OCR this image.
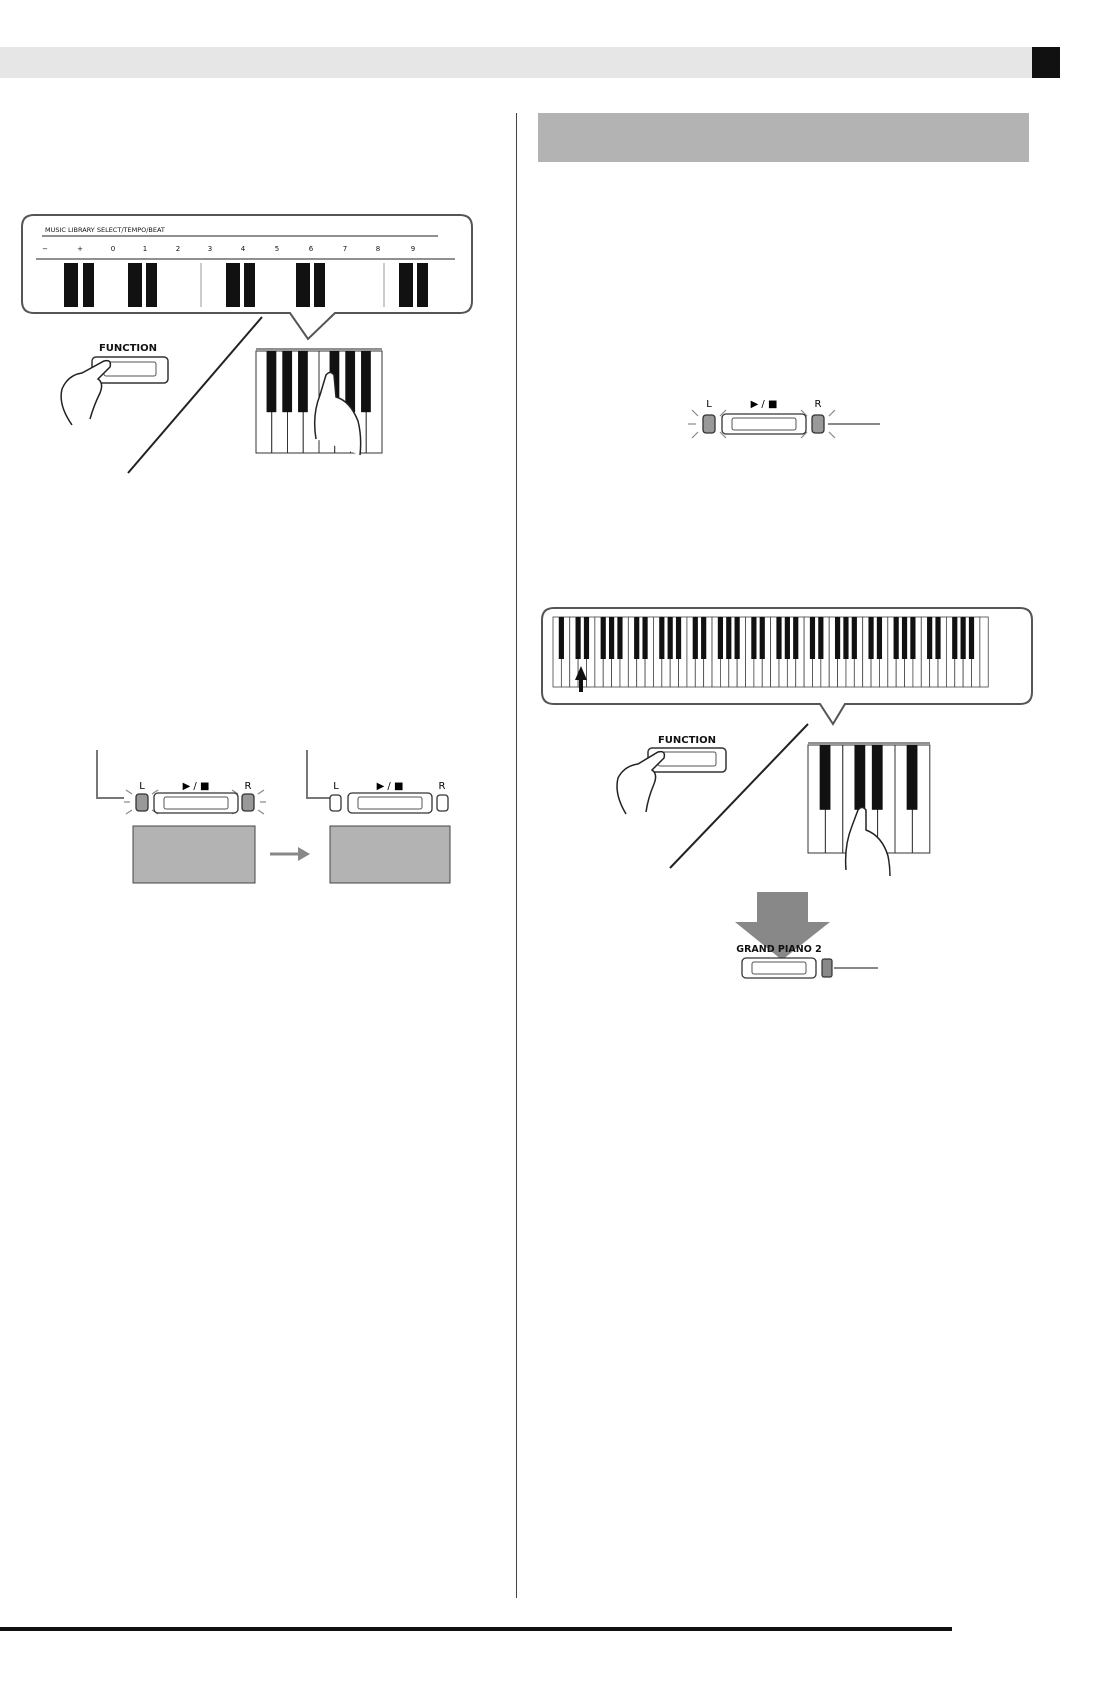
MUSIC LIBRARY SELECT/TEMPO/BEAT
−	+	0	1	2	3	4	5	6	7	8	9
FUNCTION
L	▶ / ■	R	L	▶ / ■	R
L	▶ / ■	R
FUNCTION
GRAND PIANO 2
